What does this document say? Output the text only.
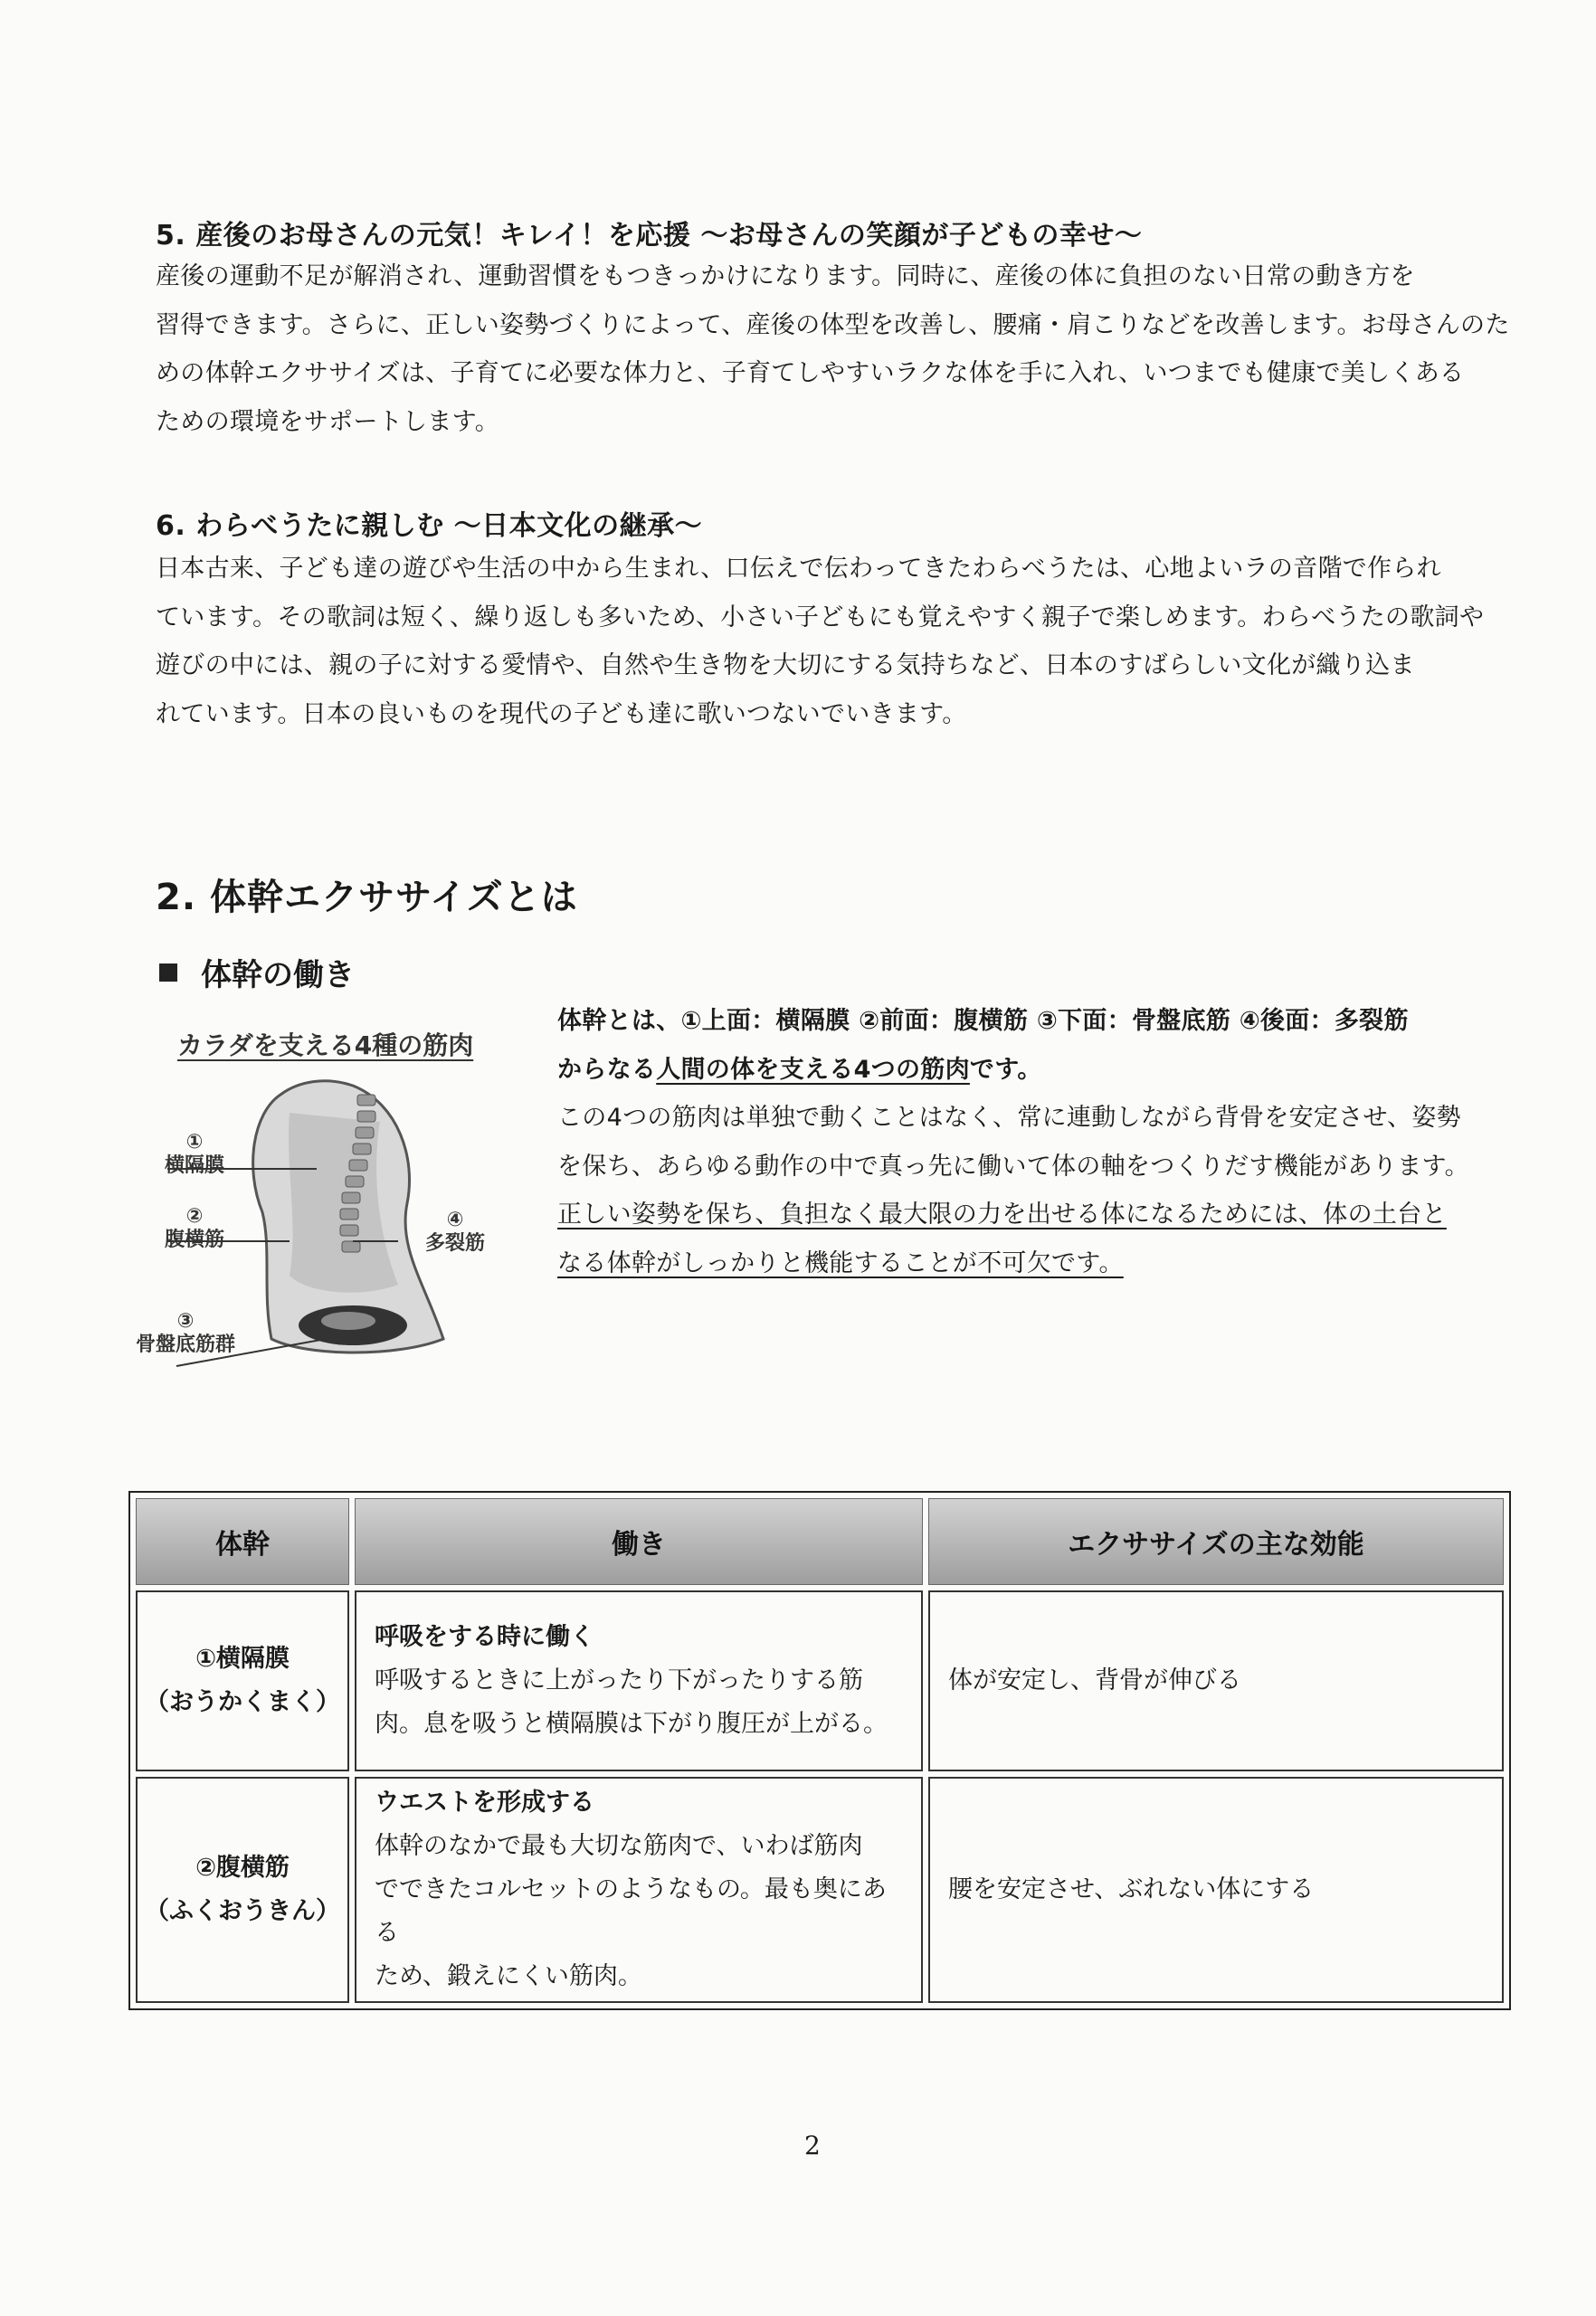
5. 産後のお母さんの元気！キレイ！を応援 ～お母さんの笑顔が子どもの幸せ～

産後の運動不足が解消され、運動習慣をもつきっかけになります。同時に、産後の体に負担のない日常の動き方を

習得できます。さらに、正しい姿勢づくりによって、産後の体型を改善し、腰痛・肩こりなどを改善します。お母さんのた

めの体幹エクササイズは、子育てに必要な体力と、子育てしやすいラクな体を手に入れ、いつまでも健康で美しくある

ための環境をサポートします。

6. わらべうたに親しむ ～日本文化の継承～

日本古来、子ども達の遊びや生活の中から生まれ、口伝えで伝わってきたわらべうたは、心地よいラの音階で作られ

ています。その歌詞は短く、繰り返しも多いため、小さい子どもにも覚えやすく親子で楽しめます。わらべうたの歌詞や

遊びの中には、親の子に対する愛情や、自然や生き物を大切にする気持ちなど、日本のすばらしい文化が織り込ま

れています。日本の良いものを現代の子ども達に歌いつないでいきます。

2. 体幹エクササイズとは
体幹の働き
カラダを支える4種の筋肉
①
横隔膜
②
腹横筋
③
骨盤底筋群
④
多裂筋

体幹とは、①上面：横隔膜 ②前面：腹横筋 ③下面：骨盤底筋 ④後面：多裂筋

からなる人間の体を支える4つの筋肉です。

この4つの筋肉は単独で動くことはなく、常に連動しながら背骨を安定させ、姿勢

を保ち、あらゆる動作の中で真っ先に働いて体の軸をつくりだす機能があります。

正しい姿勢を保ち、負担なく最大限の力を出せる体になるためには、体の土台と

なる体幹がしっかりと機能することが不可欠です。

体幹	働き	エクササイズの主な効能

①横隔膜
（おうかくまく）	呼吸をする時に働く
呼吸するときに上がったり下がったりする筋
肉。息を吸うと横隔膜は下がり腹圧が上がる。	体が安定し、背骨が伸びる

②腹横筋
（ふくおうきん）	ウエストを形成する
体幹のなかで最も大切な筋肉で、いわば筋肉
でできたコルセットのようなもの。最も奥にある
ため、鍛えにくい筋肉。	腰を安定させ、ぶれない体にする
2
